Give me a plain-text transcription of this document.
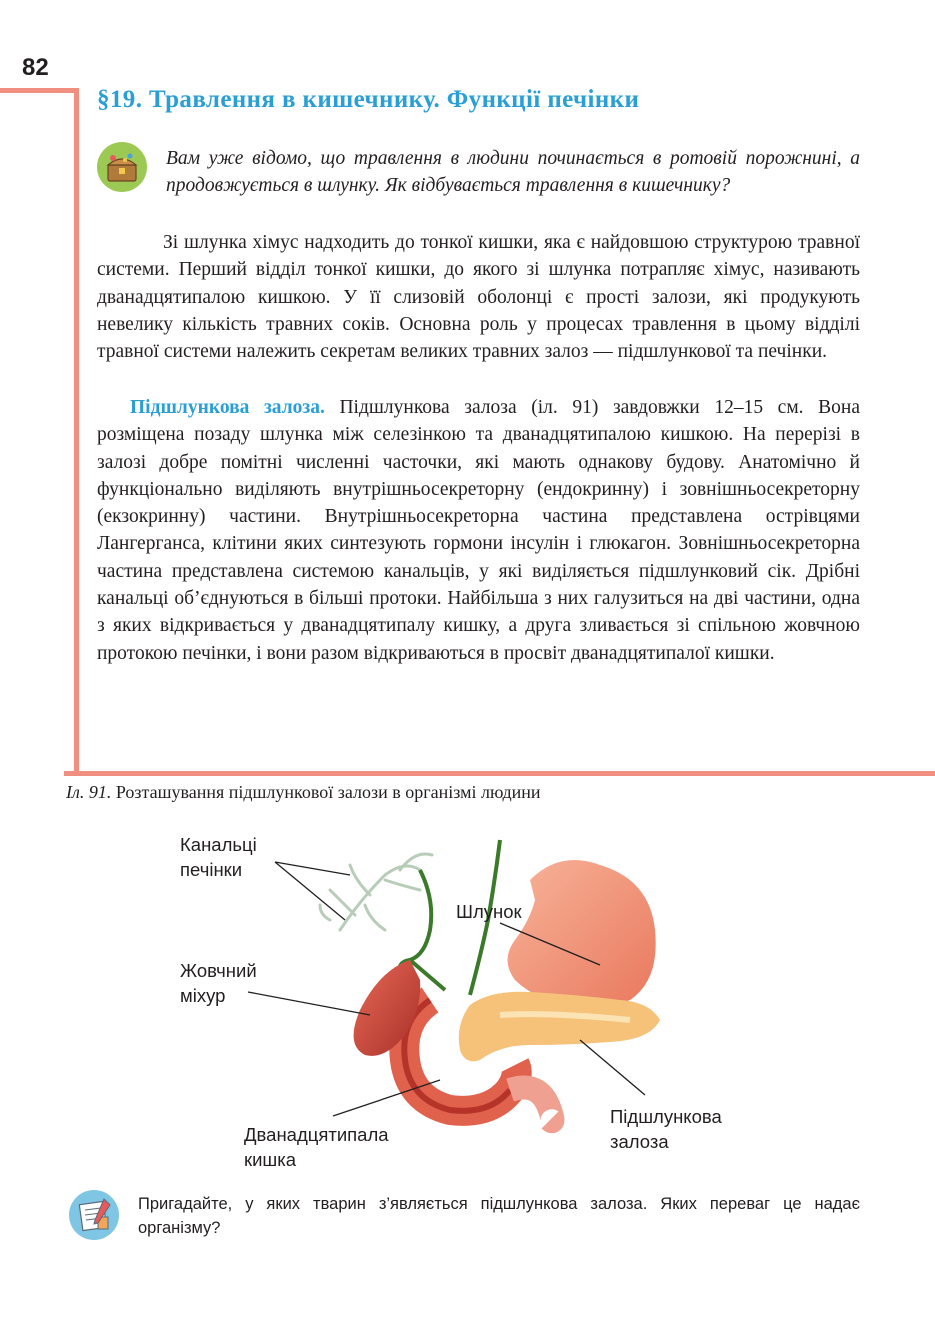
82
§19. Травлення в кишечнику. Функції печінки
Вам уже відомо, що травлення в людини починається в ротовій порожнині, а продовжується в шлунку. Як відбувається травлення в кишечнику?

Зі шлунка хімус надходить до тонкої кишки, яка є найдовшою структурою травної системи. Перший відділ тонкої кишки, до якого зі шлунка потрапляє хімус, називають дванадцятипалою кишкою. У її слизовій оболонці є прості залози, які продукують невелику кількість травних соків. Основна роль у процесах травлення в цьому відділі травної системи належить секретам великих травних залоз — підшлункової та печінки.

Підшлункова залоза. Підшлункова залоза (іл. 91) завдовжки 12–15 см. Вона розміщена позаду шлунка між селезінкою та дванадцятипалою кишкою. На перерізі в залозі добре помітні численні часточки, які мають однакову будову. Анатомічно й функціонально виділяють внутрішньосекреторну (ендокринну) і зовнішньосекреторну (екзокринну) частини. Внутрішньосекреторна частина представлена острівцями Лангерганса, клітини яких синтезують гормони інсулін і глюкагон. Зовнішньосекреторна частина представлена системою канальців, у які виділяється підшлунковий сік. Дрібні канальці об’єднуються в більші протоки. Найбільша з них галузиться на дві частини, одна з яких відкривається у дванадцятипалу кишку, а друга зливається зі спільною жовчною протокою печінки, і вони разом відкриваються в просвіт дванадцятипалої кишки.

Іл. 91. Розташування підшлункової залози в організмі людини
Канальці
печінки
Шлунок
Жовчний
міхур
Дванадцятипала
кишка
Підшлункова
залоза
Пригадайте, у яких тварин з’являється підшлункова залоза. Яких переваг це надає організму?
